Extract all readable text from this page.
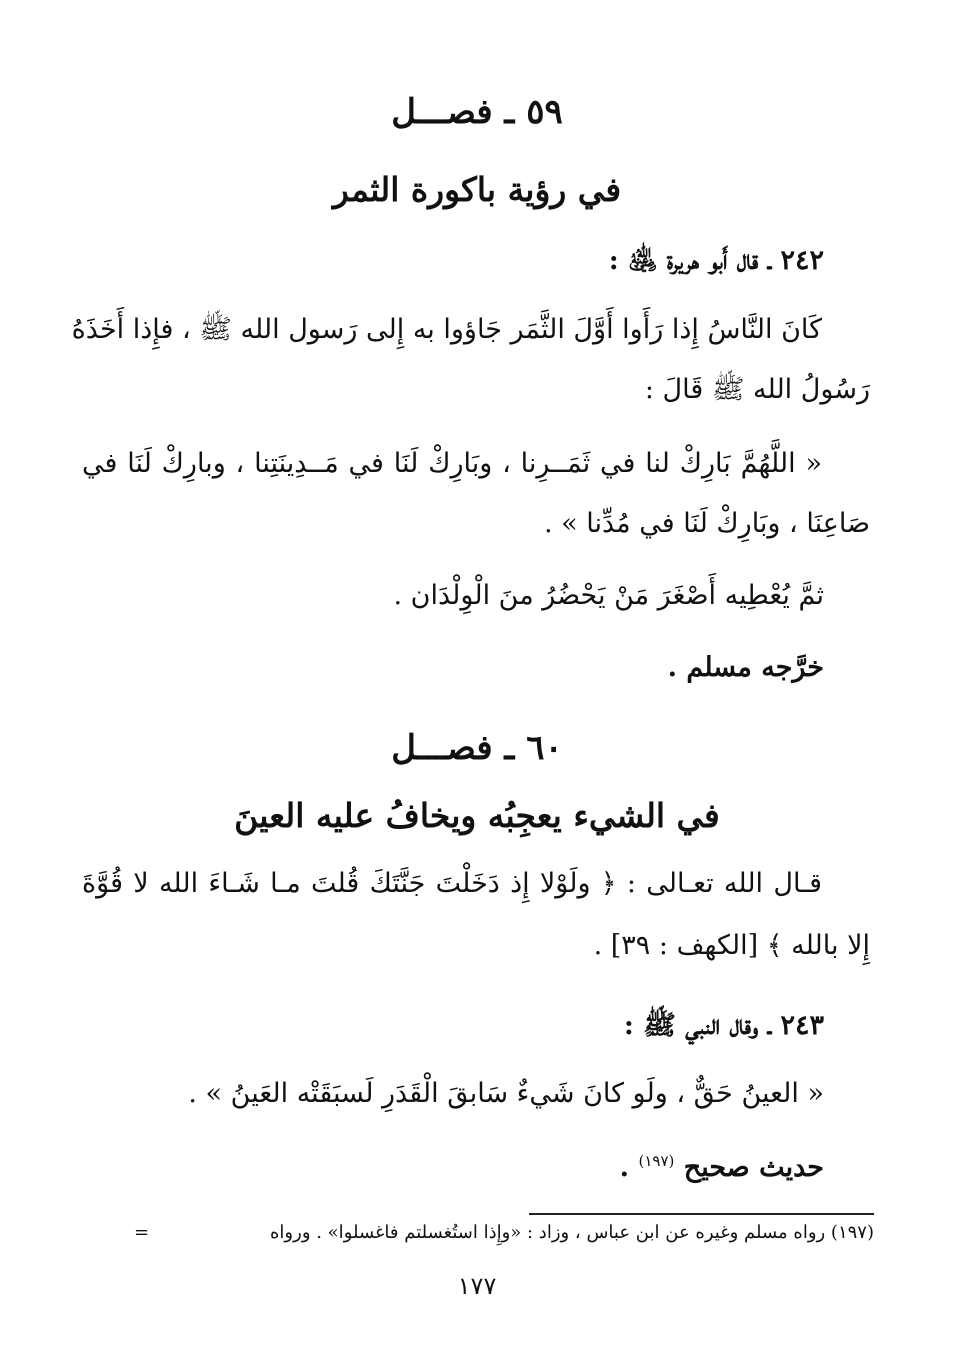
٥٩ ـ فصـــل
في رؤية باكورة الثمر
٢٤٢ ـ قال أَبو هريرة ﵁ :
كَانَ النَّاسُ إِذا رَأَوا أَوَّلَ الثَّمَر جَاؤوا به إِلى رَسول الله ﷺ ، فإِذا أَخَذَهُ
رَسُولُ الله ﷺ قَالَ :
« اللَّهُمَّ بَارِكْ لنا في ثَمَــرِنا ، وبَارِكْ لَنَا في مَــدِينَتِنا ، وبارِكْ لَنَا في
صَاعِنَا ، وبَارِكْ لَنَا في مُدِّنا » .
ثمَّ يُعْطِيه أَصْغَرَ مَنْ يَحْضُرُ منَ الْوِلْدَان .
خرَّجه مسلم .
٦٠ ـ فصـــل
في الشيء يعجِبُه ويخافُ عليه العينَ
قـال الله تعـالى : ﴿ ولَوْلا إِذ دَخَلْتَ جَنَّتَكَ قُلتَ مـا شَـاءَ الله لا قُوَّةَ
إِلا بالله ﴾ [الكهف : ٣٩] .
٢٤٣ ـ وقال النبي ﷺ :
« العينُ حَقٌّ ، ولَو كانَ شَيءٌ سَابقَ الْقَدَرِ لَسبَقَتْه العَينُ » .
حديث صحيح $^{(١٩٧)}$ .
(١٩٧) رواه مسلم وغيره عن ابن عباس ، وزاد : «وإِذا استُغسلتم فاغسلوا» . ورواه
=
١٧٧
